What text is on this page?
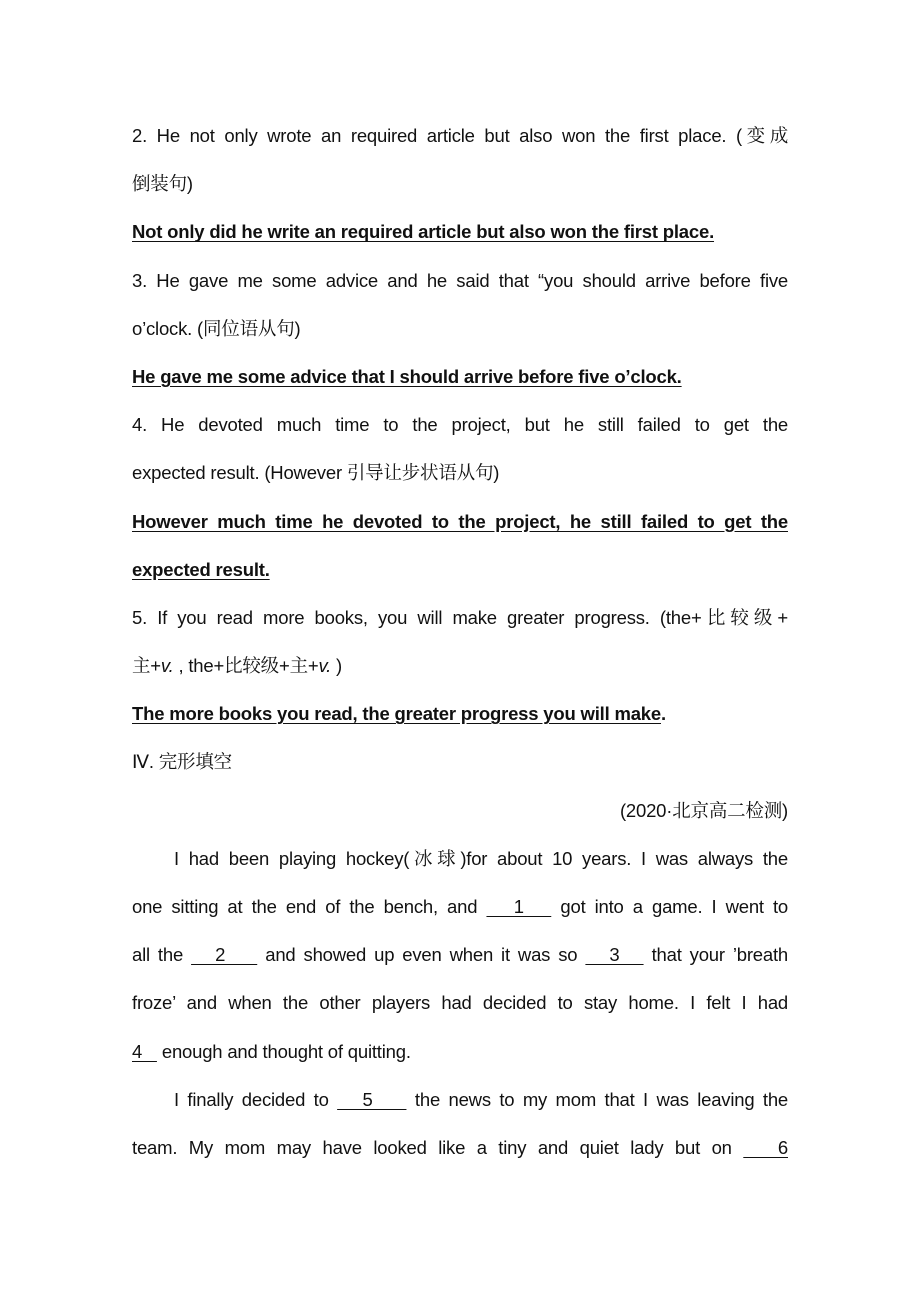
2. He not only wrote an required article but also won the first place. (变成
倒装句)
Not only did he write an required article but also won the first place.
3. He gave me some advice and he said that “you should arrive before five
o’clock. (同位语从句)
He gave me some advice that I should arrive before five o’clock.
4. He devoted much time to the project, but he still failed to get the
expected result. (However 引导让步状语从句)
However much time he devoted to the project, he still failed to get the
expected result.
5. If you read more books, you will make greater progress. (the+比较级+
主+v. , the+比较级+主+v. )
The more books you read, the greater progress you will make.
Ⅳ. 完形填空
(2020·北京高二检测)
I had been playing hockey(冰球)for about 10 years. I was always the
one sitting at the end of the bench, and    1    got into a game. I went to
all the    2     and showed up even when it was so    3    that your ’breath
froze’ and when the other players had decided to stay home. I felt I had
4    enough and thought of quitting.
I finally decided to    5     the news to my mom that I was leaving the
team. My mom may have looked like a tiny and quiet lady but on    6
